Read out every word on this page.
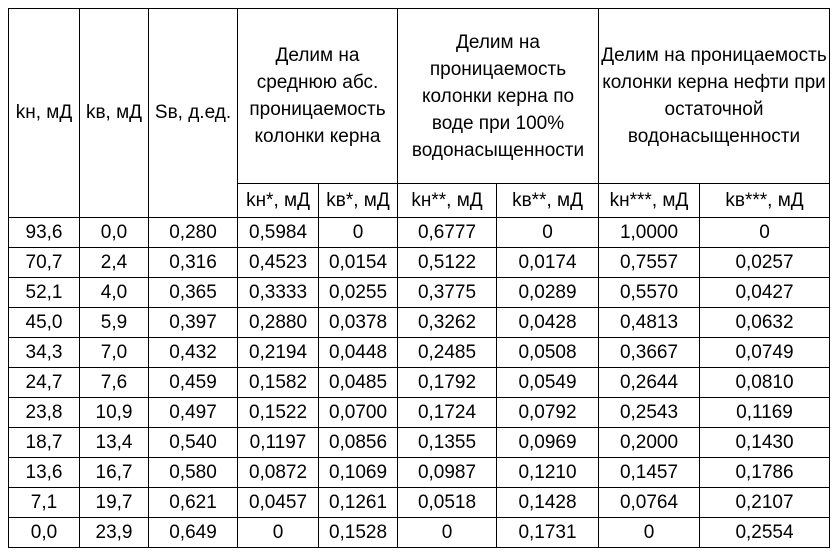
kн, мД	kв, мД	Sв, д.ед.	Делим на среднюю абс. проницаемость колонки керна		Делим на проницаемость колонки керна по воде при 100% водонасыщенности		Делим на проницаемость колонки керна нефти при остаточной водонасыщенности	

			kн*, мД	kв*, мД	kн**, мД	kв**, мД	kн***, мД	kв***, мД
93,6	0,0	0,280	0,5984	0	0,6777	0	1,0000	0
70,7	2,4	0,316	0,4523	0,0154	0,5122	0,0174	0,7557	0,0257
52,1	4,0	0,365	0,3333	0,0255	0,3775	0,0289	0,5570	0,0427
45,0	5,9	0,397	0,2880	0,0378	0,3262	0,0428	0,4813	0,0632
34,3	7,0	0,432	0,2194	0,0448	0,2485	0,0508	0,3667	0,0749
24,7	7,6	0,459	0,1582	0,0485	0,1792	0,0549	0,2644	0,0810
23,8	10,9	0,497	0,1522	0,0700	0,1724	0,0792	0,2543	0,1169
18,7	13,4	0,540	0,1197	0,0856	0,1355	0,0969	0,2000	0,1430
13,6	16,7	0,580	0,0872	0,1069	0,0987	0,1210	0,1457	0,1786
7,1	19,7	0,621	0,0457	0,1261	0,0518	0,1428	0,0764	0,2107
0,0	23,9	0,649	0	0,1528	0	0,1731	0	0,2554
